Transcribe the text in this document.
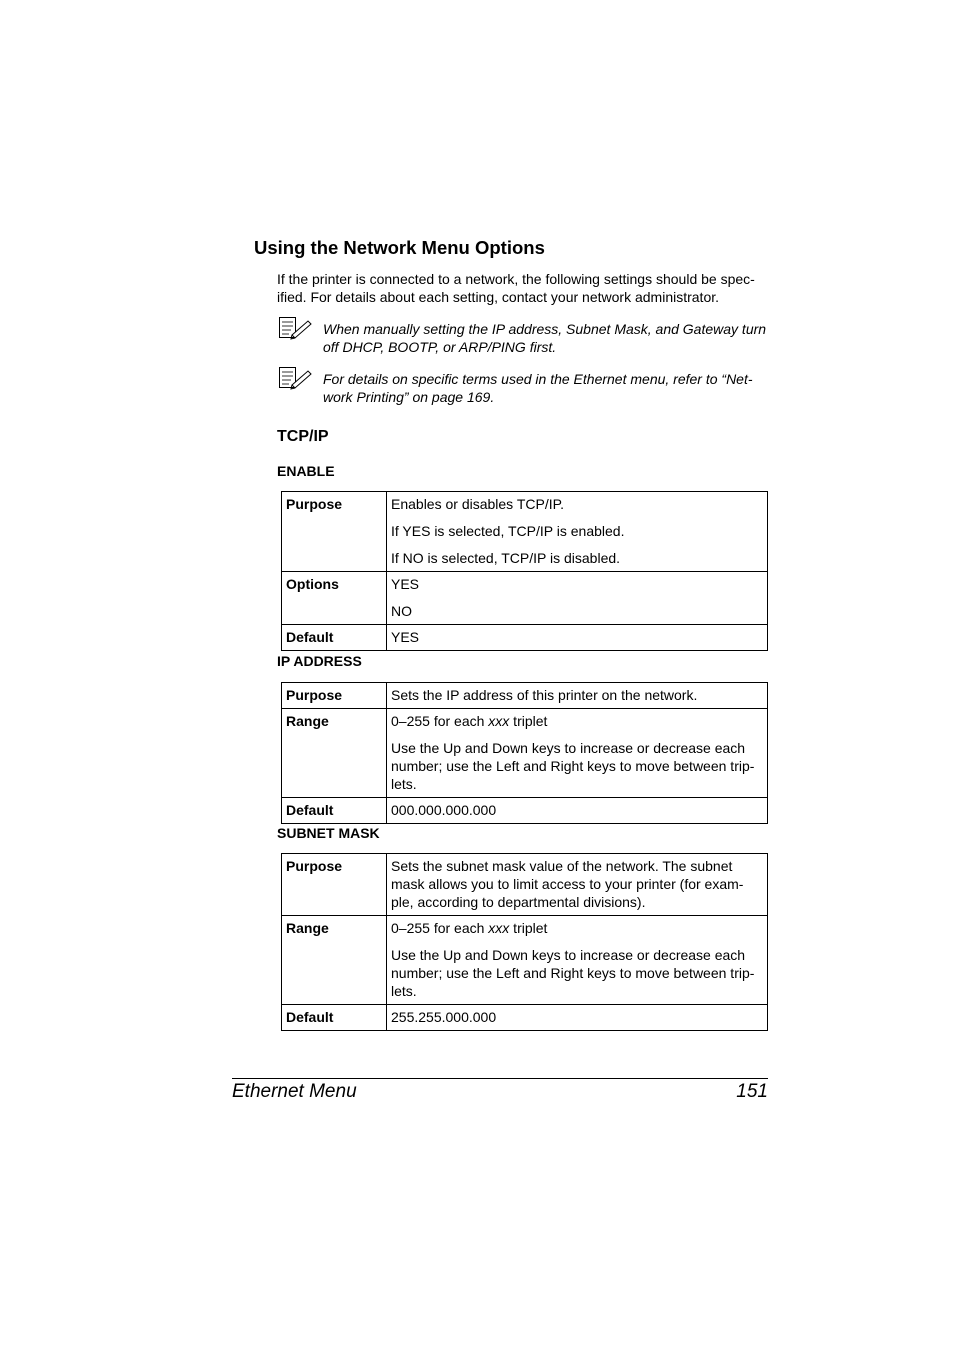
Using the Network Menu Options

If the printer is connected to a network, the following settings should be spec- ified. For details about each setting, contact your network administrator.

When manually setting the IP address, Subnet Mask, and Gateway turn off DHCP, BOOTP, or ARP/PING first.
For details on specific terms used in the Ethernet menu, refer to “Net- work Printing” on page 169.
TCP/IP
ENABLE
Purpose	Enables or disables TCP/IP.

If YES is selected, TCP/IP is enabled.

If NO is selected, TCP/IP is disabled.

Options	YES

NO

Default	YES
IP ADDRESS
Purpose	Sets the IP address of this printer on the network.
Range	0–255 for each xxx triplet

Use the Up and Down keys to increase or decrease each number; use the Left and Right keys to move between trip- lets.

Default	000.000.000.000
SUBNET MASK
Purpose	Sets the subnet mask value of the network. The subnet mask allows you to limit access to your printer (for exam- ple, according to departmental divisions).
Range	0–255 for each xxx triplet

Use the Up and Down keys to increase or decrease each number; use the Left and Right keys to move between trip- lets.

Default	255.255.000.000
Ethernet Menu	151
